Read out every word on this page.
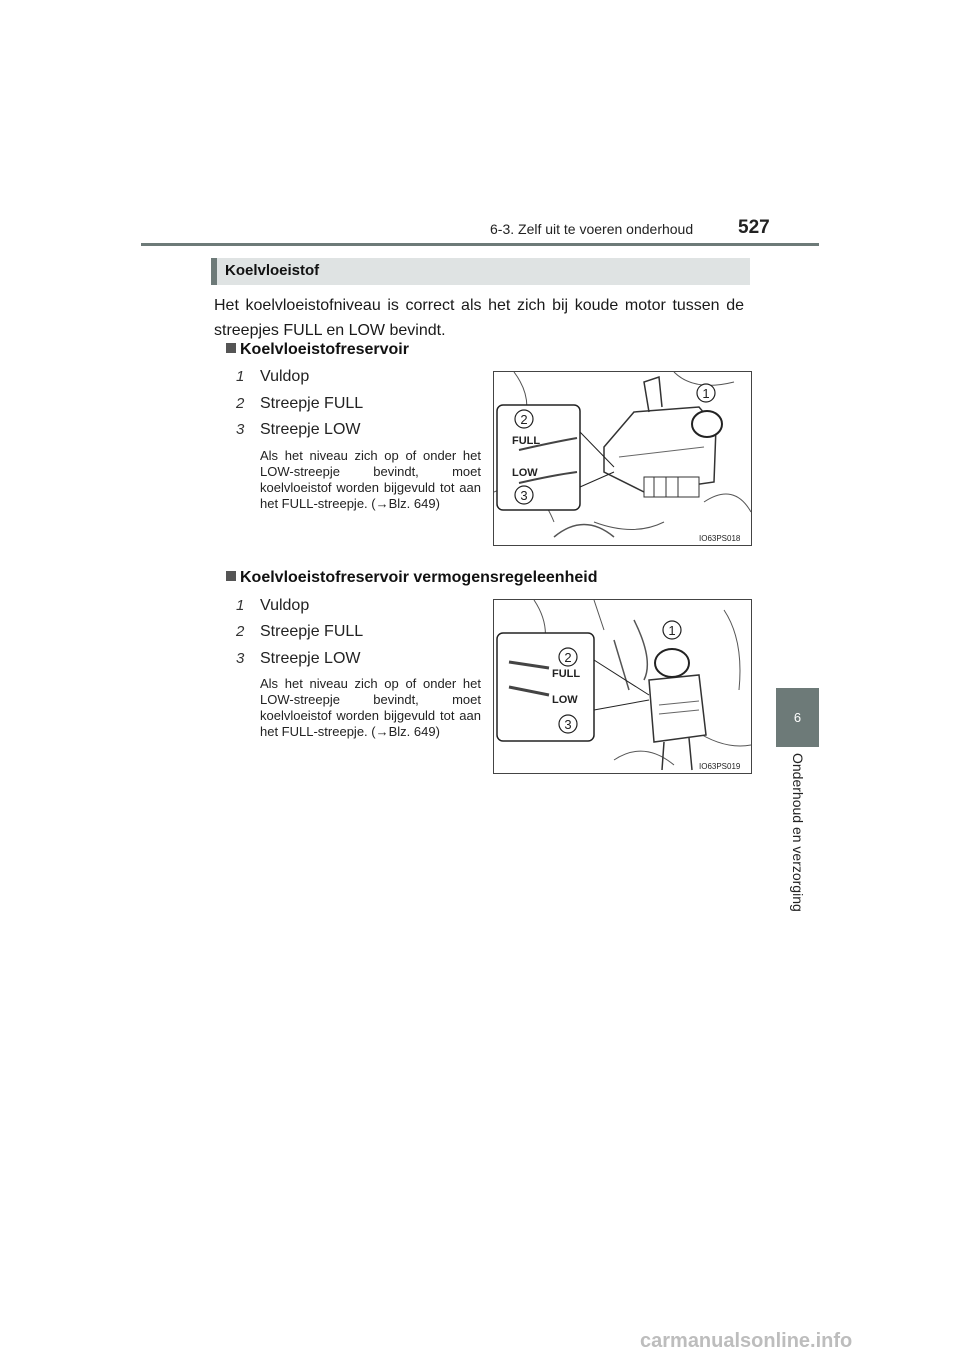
6-3. Zelf uit te voeren onderhoud 527
6
Onderhoud en verzorging
Koelvloeistof
Het koelvloeistofniveau is correct als het zich bij koude motor tussen de streepjes FULL en LOW bevindt.
Koelvloeistofreservoir
1 Vuldop
2 Streepje FULL
3 Streepje LOW
Als het niveau zich op of onder het LOW-streepje bevindt, moet koelvloeistof worden bijgevuld tot aan het FULL-streepje. (→Blz. 649)
1
FULL
LOW
2
3
IO63PS018
Koelvloeistofreservoir vermogensregeleenheid
1 Vuldop
2 Streepje FULL
3 Streepje LOW
Als het niveau zich op of onder het LOW-streepje bevindt, moet koelvloeistof worden bijgevuld tot aan het FULL-streepje. (→Blz. 649)
1
FULL
LOW
2
3
IO63PS019
carmanualsonline.info
